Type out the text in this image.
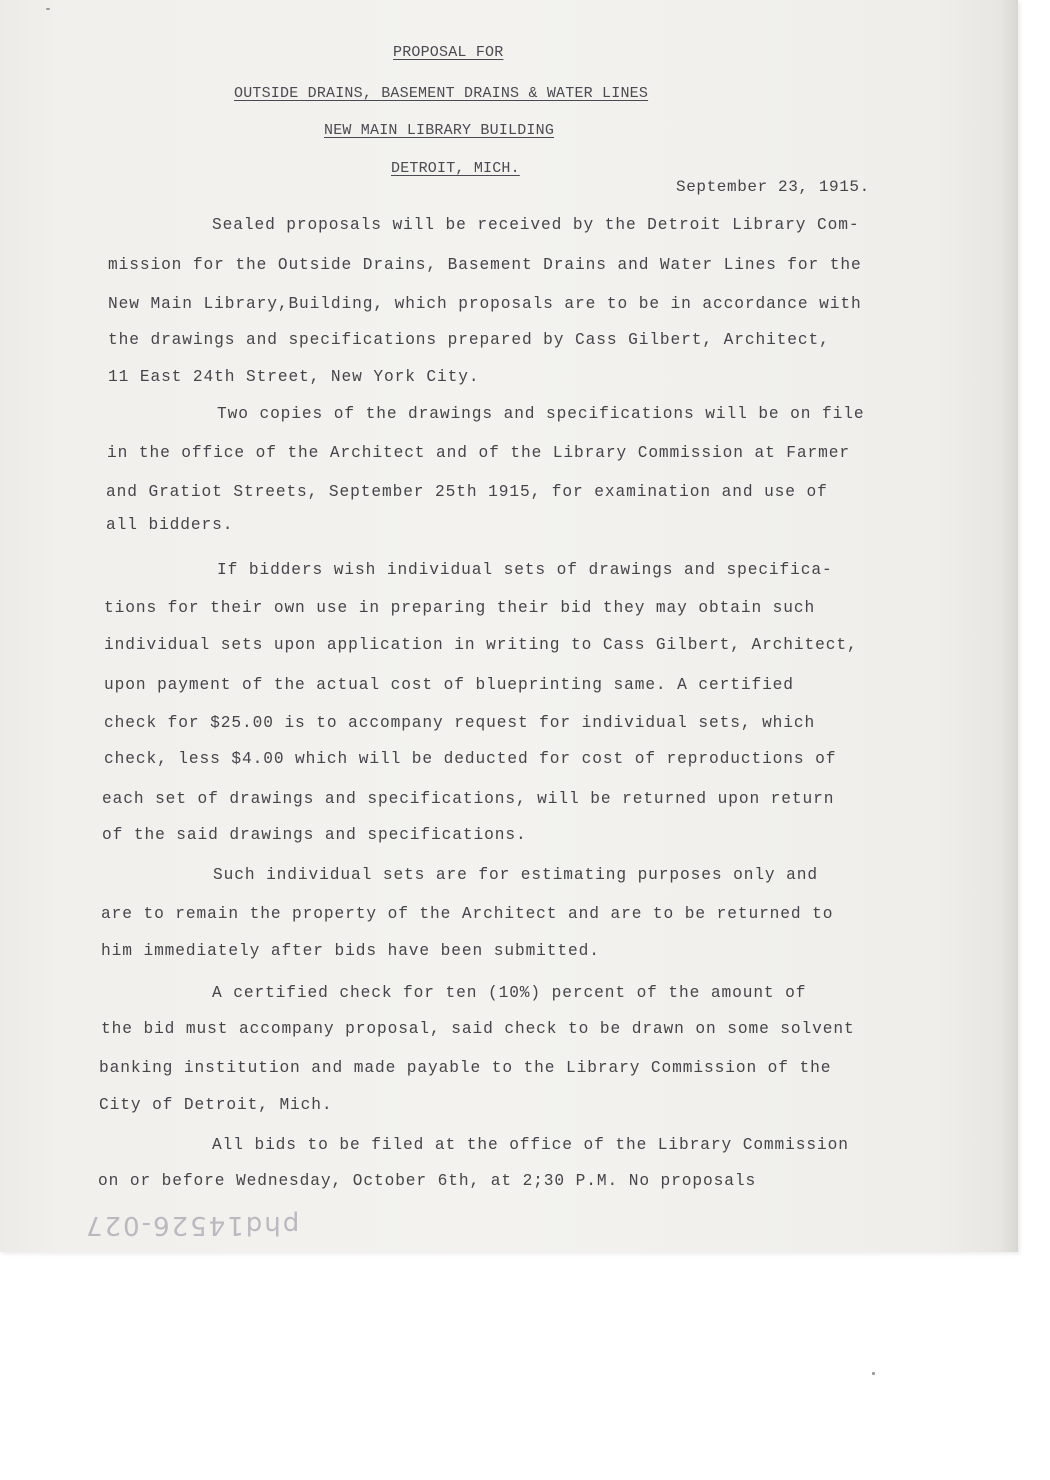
PROPOSAL FOR
OUTSIDE DRAINS, BASEMENT DRAINS & WATER LINES
NEW MAIN LIBRARY BUILDING
DETROIT, MICH.
September 23, 1915.
Sealed proposals will be received by the Detroit Library Com-
mission for the Outside Drains, Basement Drains and Water Lines for the
New Main Library,Building, which proposals are to be in accordance with
the drawings and specifications prepared by Cass Gilbert, Architect,
11 East 24th Street, New York City.
Two copies of the drawings and specifications will be on file
in the office of the Architect and of the Library Commission at Farmer
and Gratiot Streets, September 25th 1915, for examination and use of
all bidders.
If bidders wish individual sets of drawings and specifica-
tions for their own use in preparing their bid they may obtain such
individual sets upon application in writing to Cass Gilbert, Architect,
upon payment of the actual cost of blueprinting same. A certified
check for $25.00 is to accompany request for individual sets, which
check, less $4.00 which will be deducted for cost of reproductions of
each set of drawings and specifications, will be returned upon return
of the said drawings and specifications.
Such individual sets are for estimating purposes only and
are to remain the property of the Architect and are to be returned to
him immediately after bids have been submitted.
A certified check for ten (10%) percent of the amount of
the bid must accompany proposal, said check to be drawn on some solvent
banking institution and made payable to the Library Commission of the
City of Detroit, Mich.
All bids to be filed at the office of the Library Commission
on or before Wednesday, October 6th, at 2;30 P.M. No proposals
phd14526-027
